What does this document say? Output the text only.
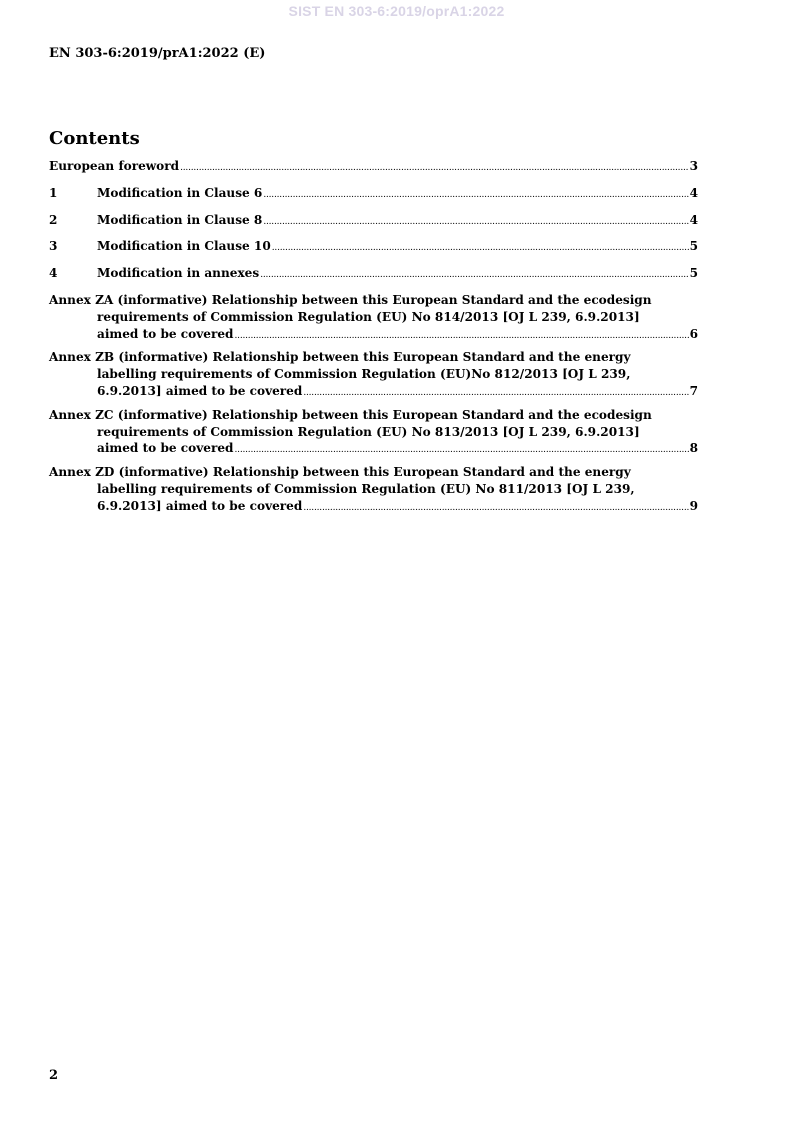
SIST EN 303-6:2019/oprA1:2022
EN 303-6:2019/prA1:2022 (E)
Contents
European foreword .....	3
1	Modification in Clause 6 .....	4
2	Modification in Clause 8 .....	4
3	Modification in Clause 10 .....	5
4	Modification in annexes .....	5
Annex ZA (informative) Relationship between this European Standard and the ecodesign
requirements of Commission Regulation (EU) No 814/2013 [OJ L 239, 6.9.2013]
aimed to be covered .....	6
Annex ZB (informative) Relationship between this European Standard and the energy
labelling requirements of Commission Regulation (EU)No 812/2013 [OJ L 239,
6.9.2013] aimed to be covered .....	7
Annex ZC (informative) Relationship between this European Standard and the ecodesign
requirements of Commission Regulation (EU) No 813/2013 [OJ L 239, 6.9.2013]
aimed to be covered .....	8
Annex ZD (informative) Relationship between this European Standard and the energy
labelling requirements of Commission Regulation (EU) No 811/2013 [OJ L 239,
6.9.2013] aimed to be covered .....	9
2
